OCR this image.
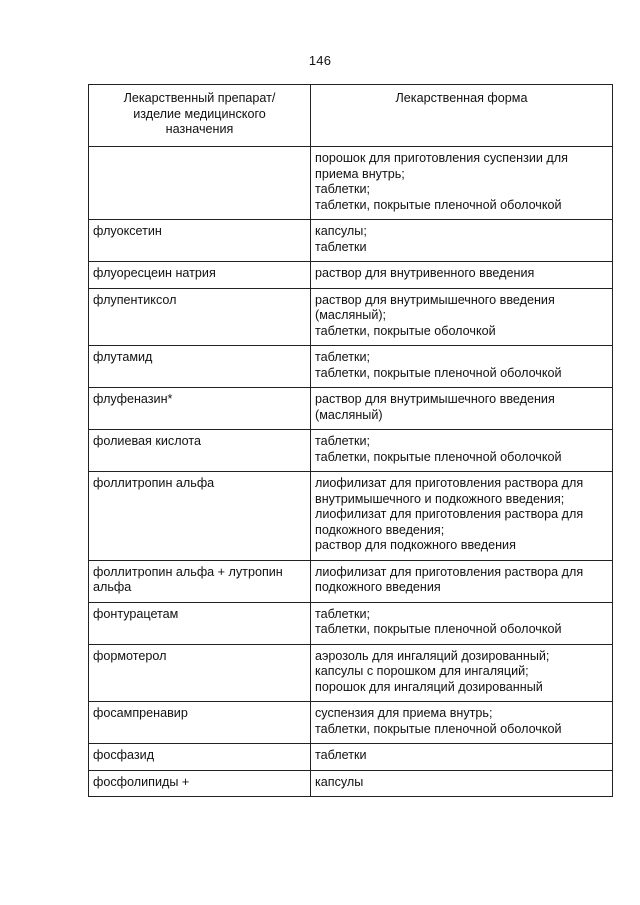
146
Лекарственный препарат/
изделие медицинского
назначения	Лекарственная форма

	порошок для приготовления суспензии для
приема внутрь;
таблетки;
таблетки, покрытые пленочной оболочкой

флуоксетин	капсулы;
таблетки

флуоресцеин натрия	раствор для внутривенного введения

флупентиксол	раствор для внутримышечного введения
(масляный);
таблетки, покрытые оболочкой

флутамид	таблетки;
таблетки, покрытые пленочной оболочкой

флуфеназин*	раствор для внутримышечного введения
(масляный)

фолиевая кислота	таблетки;
таблетки, покрытые пленочной оболочкой

фоллитропин альфа	лиофилизат для приготовления раствора для
внутримышечного и подкожного введения;
лиофилизат для приготовления раствора для
подкожного введения;
раствор для подкожного введения

фоллитропин альфа + лутропин
альфа	лиофилизат для приготовления раствора для
подкожного введения

фонтурацетам	таблетки;
таблетки, покрытые пленочной оболочкой

формотерол	аэрозоль для ингаляций дозированный;
капсулы с порошком для ингаляций;
порошок для ингаляций дозированный

фосампренавир	суспензия для приема внутрь;
таблетки, покрытые пленочной оболочкой

фосфазид	таблетки

фосфолипиды +	капсулы
